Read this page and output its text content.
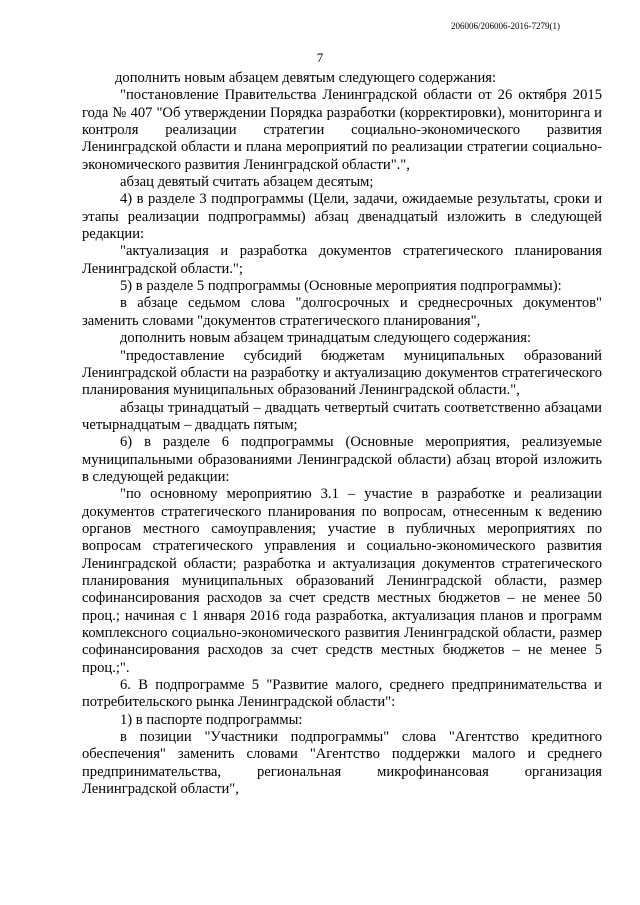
206006/206006-2016-7279(1)
7

дополнить новым абзацем девятым следующего содержания:

"постановление Правительства Ленинградской области от 26 октября 2015 года № 407 "Об утверждении Порядка разработки (корректировки), мониторинга и контроля реализации стратегии социально-экономического развития Ленинградской области и плана мероприятий по реализации стратегии социально-экономического развития Ленинградской области".",

абзац девятый считать абзацем десятым;

4) в разделе 3 подпрограммы (Цели, задачи, ожидаемые результаты, сроки и этапы реализации подпрограммы) абзац двенадцатый изложить в следующей редакции:

"актуализация и разработка документов стратегического планирования Ленинградской области.";

5) в разделе 5 подпрограммы (Основные мероприятия подпрограммы):

в абзаце седьмом слова "долгосрочных и среднесрочных документов" заменить словами "документов стратегического планирования",

дополнить новым абзацем тринадцатым следующего содержания:

"предоставление субсидий бюджетам муниципальных образований Ленинградской области на разработку и актуализацию документов стратегического планирования муниципальных образований Ленинградской области.",

абзацы тринадцатый – двадцать четвертый считать соответственно абзацами четырнадцатым – двадцать пятым;

6) в разделе 6 подпрограммы (Основные мероприятия, реализуемые муниципальными образованиями Ленинградской области) абзац второй изложить в следующей редакции:

"по основному мероприятию 3.1 – участие в разработке и реализации документов стратегического планирования по вопросам, отнесенным к ведению органов местного самоуправления; участие в публичных мероприятиях по вопросам стратегического управления и социально-экономического развития Ленинградской области; разработка и актуализация документов стратегического планирования муниципальных образований Ленинградской области, размер софинансирования расходов за счет средств местных бюджетов – не менее 50 проц.; начиная с 1 января 2016 года разработка, актуализация планов и программ комплексного социально-экономического развития Ленинградской области, размер софинансирования расходов за счет средств местных бюджетов – не менее 5 проц.;".

6. В подпрограмме 5 "Развитие малого, среднего предпринимательства и потребительского рынка Ленинградской области":

1) в паспорте подпрограммы:

в позиции "Участники подпрограммы" слова "Агентство кредитного обеспечения" заменить словами "Агентство поддержки малого и среднего предпринимательства, региональная микрофинансовая организация Ленинградской области",
